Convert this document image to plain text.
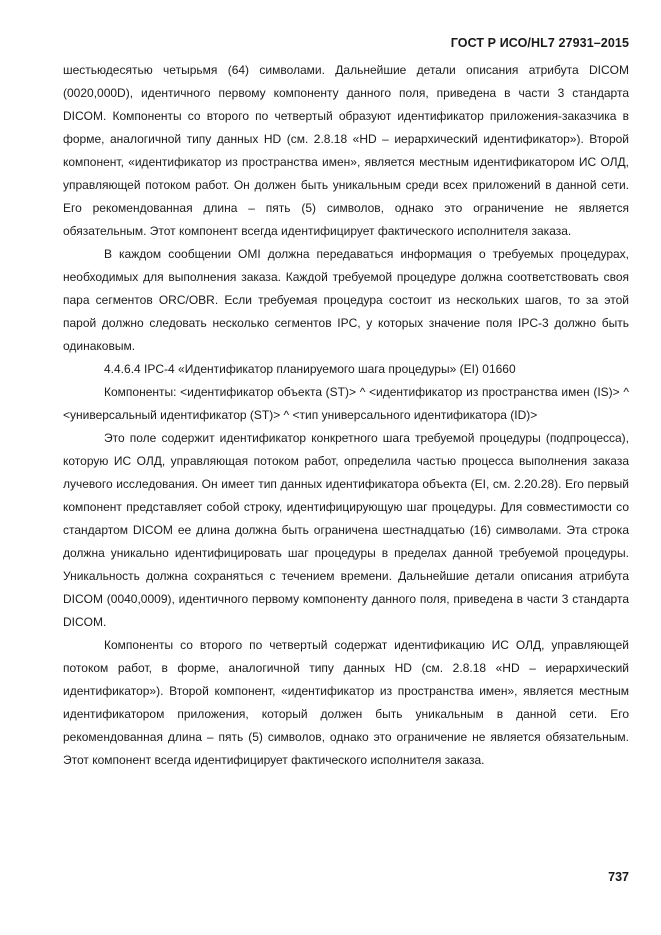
ГОСТ Р ИСО/HL7 27931–2015

шестьюдесятью четырьмя (64) символами. Дальнейшие детали описания атрибута DICOM (0020,000D), идентичного первому компоненту данного поля, приведена в части 3 стандарта DICOM. Компоненты со второго по четвертый образуют идентификатор приложения-заказчика в форме, аналогичной типу данных HD (см. 2.8.18 «HD – иерархический идентификатор»). Второй компонент, «идентификатор из пространства имен», является местным идентификатором ИС ОЛД, управляющей потоком работ. Он должен быть уникальным среди всех приложений в данной сети. Его рекомендованная длина – пять (5) символов, однако это ограничение не является обязательным. Этот компонент всегда идентифицирует фактического исполнителя заказа.

В каждом сообщении OMI должна передаваться информация о требуемых процедурах, необходимых для выполнения заказа. Каждой требуемой процедуре должна соответствовать своя пара сегментов ORC/OBR. Если требуемая процедура состоит из нескольких шагов, то за этой парой должно следовать несколько сегментов IPC, у которых значение поля IPC-3 должно быть одинаковым.

4.4.6.4 IPC-4 «Идентификатор планируемого шага процедуры» (EI) 01660

Компоненты: <идентификатор объекта (ST)> ^ <идентификатор из пространства имен (IS)> ^ <универсальный идентификатор (ST)> ^ <тип универсального идентификатора (ID)>

Это поле содержит идентификатор конкретного шага требуемой процедуры (подпроцесса), которую ИС ОЛД, управляющая потоком работ, определила частью процесса выполнения заказа лучевого исследования. Он имеет тип данных идентификатора объекта (EI, см. 2.20.28). Его первый компонент представляет собой строку, идентифицирующую шаг процедуры. Для совместимости со стандартом DICOM ее длина должна быть ограничена шестнадцатью (16) символами. Эта строка должна уникально идентифицировать шаг процедуры в пределах данной требуемой процедуры. Уникальность должна сохраняться с течением времени. Дальнейшие детали описания атрибута DICOM (0040,0009), идентичного первому компоненту данного поля, приведена в части 3 стандарта DICOM.

Компоненты со второго по четвертый содержат идентификацию ИС ОЛД, управляющей потоком работ, в форме, аналогичной типу данных HD (см. 2.8.18 «HD – иерархический идентификатор»). Второй компонент, «идентификатор из пространства имен», является местным идентификатором приложения, который должен быть уникальным в данной сети. Его рекомендованная длина – пять (5) символов, однако это ограничение не является обязательным. Этот компонент всегда идентифицирует фактического исполнителя заказа.

737
